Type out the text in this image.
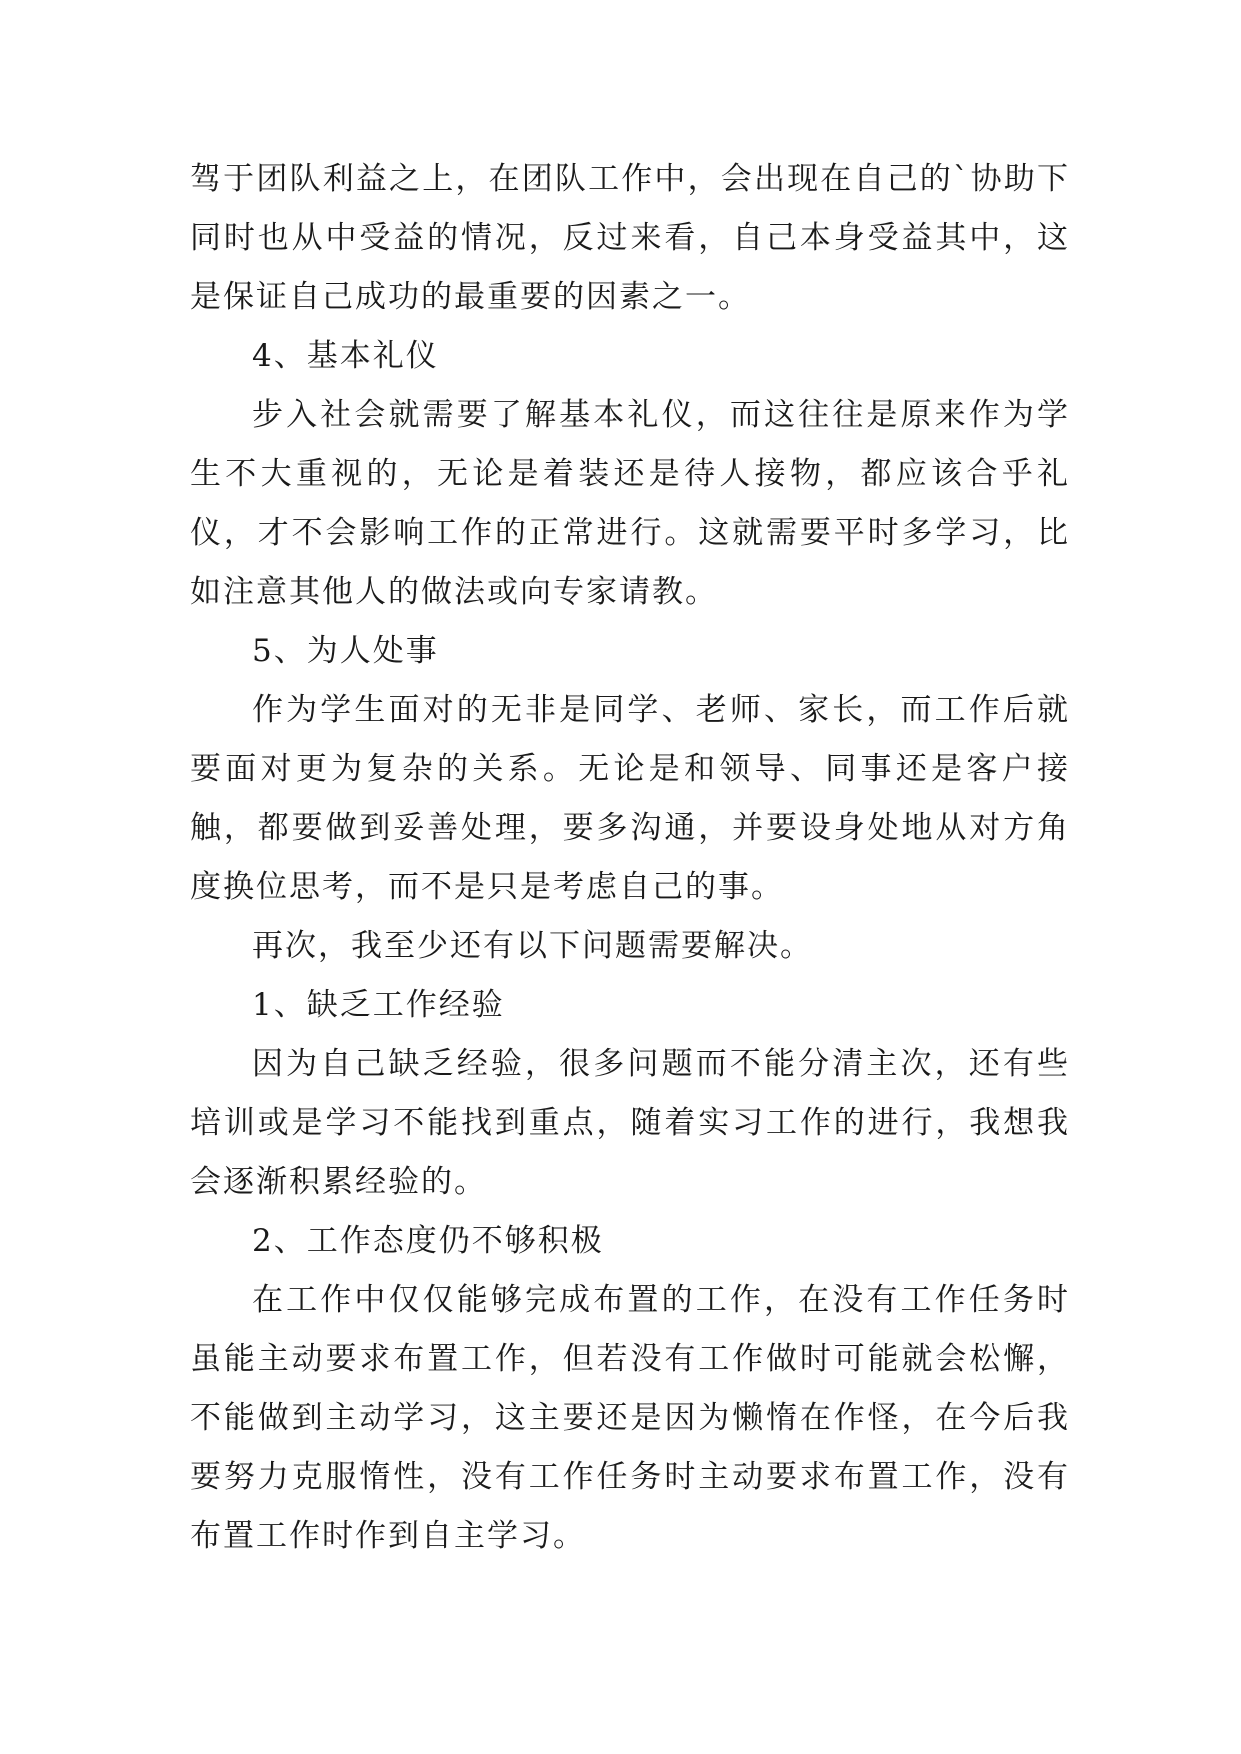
驾于团队利益之上，在团队工作中，会出现在自己的`协助下同时也从中受益的情况，反过来看，自己本身受益其中，这是保证自己成功的最重要的因素之一。

4、基本礼仪

步入社会就需要了解基本礼仪，而这往往是原来作为学生不大重视的，无论是着装还是待人接物，都应该合乎礼仪，才不会影响工作的正常进行。这就需要平时多学习，比如注意其他人的做法或向专家请教。

5、为人处事

作为学生面对的无非是同学、老师、家长，而工作后就要面对更为复杂的关系。无论是和领导、同事还是客户接触，都要做到妥善处理，要多沟通，并要设身处地从对方角度换位思考，而不是只是考虑自己的事。

再次，我至少还有以下问题需要解决。

1、缺乏工作经验

因为自己缺乏经验，很多问题而不能分清主次，还有些培训或是学习不能找到重点，随着实习工作的进行，我想我会逐渐积累经验的。

2、工作态度仍不够积极

在工作中仅仅能够完成布置的工作，在没有工作任务时虽能主动要求布置工作，但若没有工作做时可能就会松懈，不能做到主动学习，这主要还是因为懒惰在作怪，在今后我要努力克服惰性，没有工作任务时主动要求布置工作，没有布置工作时作到自主学习。
